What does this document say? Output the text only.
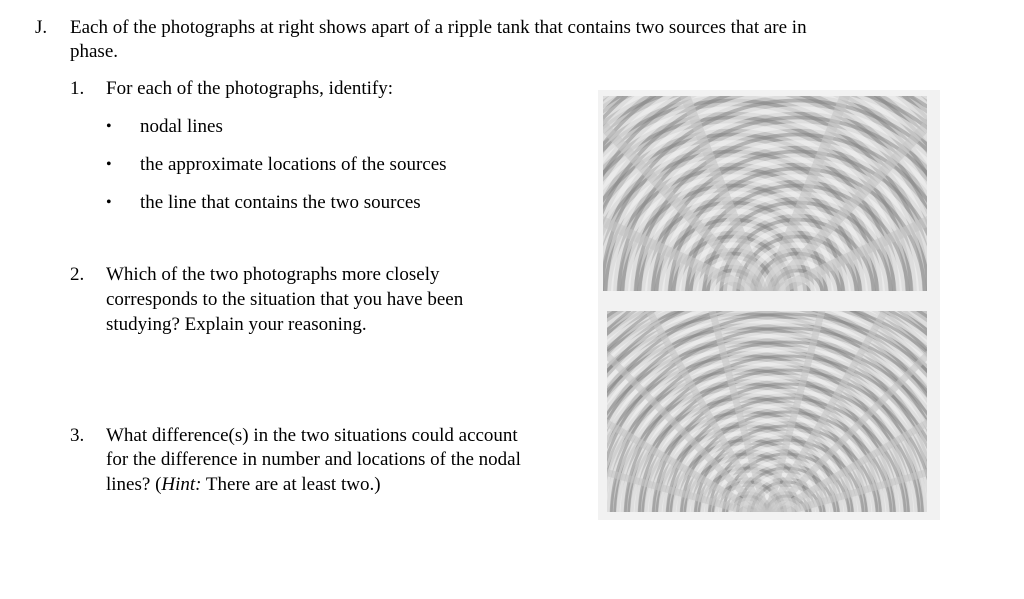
J. Each of the photographs at right shows apart of a ripple tank that contains two sources that are in
phase.
1. For each of the photographs, identify:
• nodal lines
• the approximate locations of the sources
• the line that contains the two sources
2. Which of the two photographs more closely
corresponds to the situation that you have been
studying? Explain your reasoning.
3. What difference(s) in the two situations could account
for the difference in number and locations of the nodal
lines? (Hint: There are at least two.)
